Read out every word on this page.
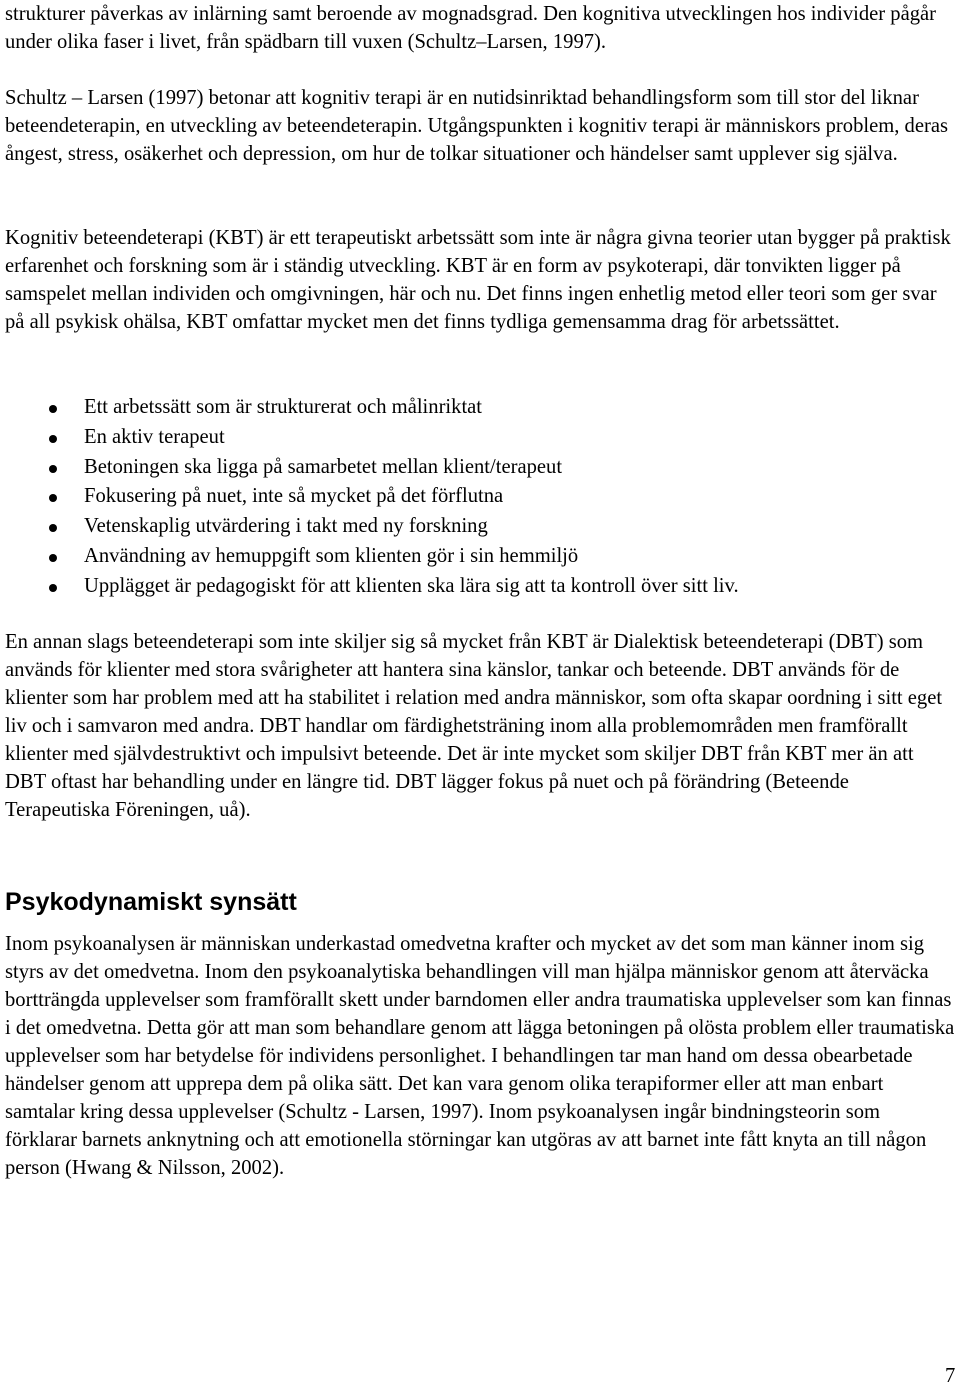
strukturer påverkas av inlärning samt beroende av mognadsgrad. Den kognitiva utvecklingen hos individer pågår under olika faser i livet, från spädbarn till vuxen (Schultz–Larsen, 1997).

Schultz – Larsen (1997) betonar att kognitiv terapi är en nutidsinriktad behandlingsform som till stor del liknar beteendeterapin, en utveckling av beteendeterapin. Utgångspunkten i kognitiv terapi är människors problem, deras ångest, stress, osäkerhet och depression, om hur de tolkar situationer och händelser samt upplever sig själva.

Kognitiv beteendeterapi (KBT) är ett terapeutiskt arbetssätt som inte är några givna teorier utan bygger på praktisk erfarenhet och forskning som är i ständig utveckling. KBT är en form av psykoterapi, där tonvikten ligger på samspelet mellan individen och omgivningen, här och nu. Det finns ingen enhetlig metod eller teori som ger svar på all psykisk ohälsa, KBT omfattar mycket men det finns tydliga gemensamma drag för arbetssättet.

Ett arbetssätt som är strukturerat och målinriktat
En aktiv terapeut
Betoningen ska ligga på samarbetet mellan klient/terapeut
Fokusering på nuet, inte så mycket på det förflutna
Vetenskaplig utvärdering i takt med ny forskning
Användning av hemuppgift som klienten gör i sin hemmiljö
Upplägget är pedagogiskt för att klienten ska lära sig att ta kontroll över sitt liv.

En annan slags beteendeterapi som inte skiljer sig så mycket från KBT är Dialektisk beteendeterapi (DBT) som används för klienter med stora svårigheter att hantera sina känslor, tankar och beteende. DBT används för de klienter som har problem med att ha stabilitet i relation med andra människor, som ofta skapar oordning i sitt eget liv och i samvaron med andra. DBT handlar om färdighetsträning inom alla problemområden men framförallt klienter med självdestruktivt och impulsivt beteende. Det är inte mycket som skiljer DBT från KBT mer än att DBT oftast har behandling under en längre tid. DBT lägger fokus på nuet och på förändring (Beteende Terapeutiska Föreningen, uå).

Psykodynamiskt synsätt

Inom psykoanalysen är människan underkastad omedvetna krafter och mycket av det som man känner inom sig styrs av det omedvetna. Inom den psykoanalytiska behandlingen vill man hjälpa människor genom att återväcka bortträngda upplevelser som framförallt skett under barndomen eller andra traumatiska upplevelser som kan finnas i det omedvetna. Detta gör att man som behandlare genom att lägga betoningen på olösta problem eller traumatiska upplevelser som har betydelse för individens personlighet. I behandlingen tar man hand om dessa obearbetade händelser genom att upprepa dem på olika sätt. Det kan vara genom olika terapiformer eller att man enbart samtalar kring dessa upplevelser (Schultz - Larsen, 1997). Inom psykoanalysen ingår bindningsteorin som förklarar barnets anknytning och att emotionella störningar kan utgöras av att barnet inte fått knyta an till någon person (Hwang & Nilsson, 2002).

7
